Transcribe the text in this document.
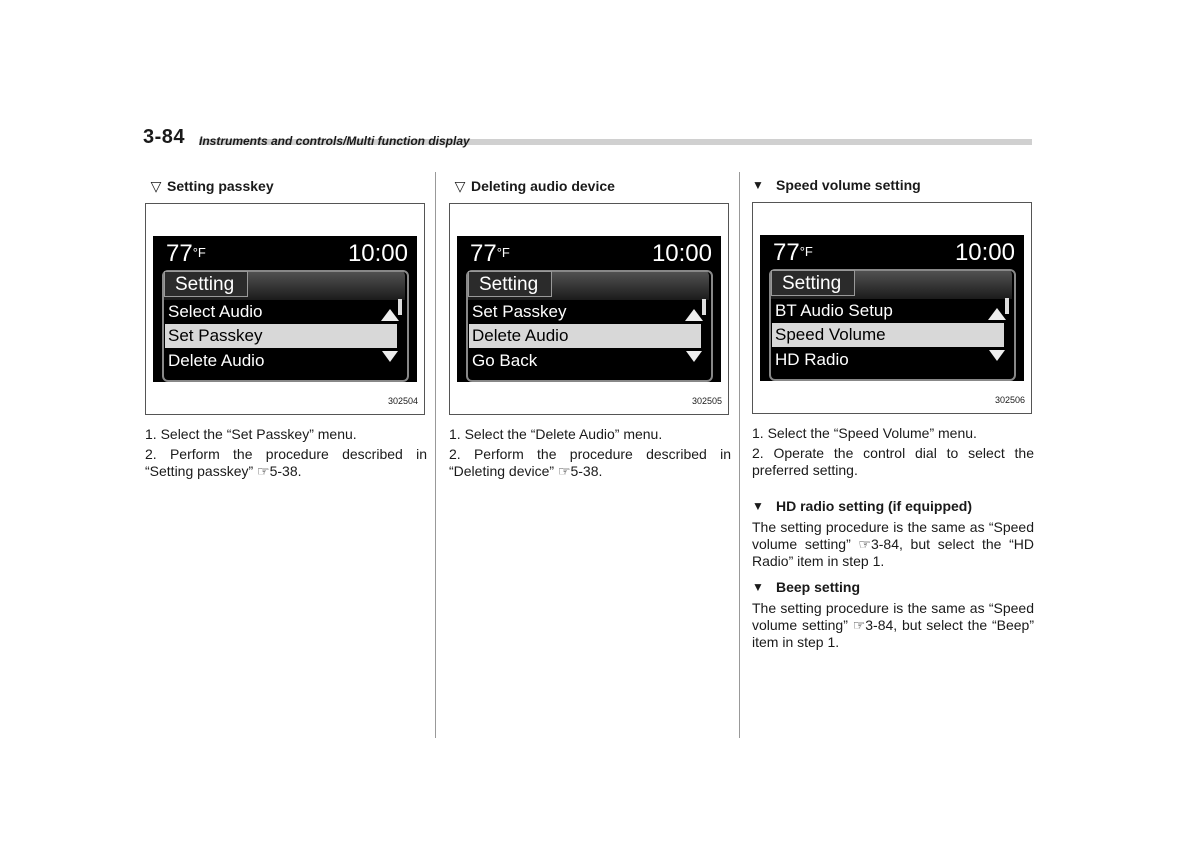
3-84 Instruments and controls/Multi function display
▽ Setting passkey
77°F	10:00
Setting
Select Audio
Set Passkey
Delete Audio
302504
1. Select the “Set Passkey” menu.
2. Perform the procedure described in “Setting passkey” ☞5-38.
▽ Deleting audio device
77°F	10:00
Setting
Set Passkey
Delete Audio
Go Back
302505
1. Select the “Delete Audio” menu.
2. Perform the procedure described in “Deleting device” ☞5-38.
▼ Speed volume setting
77°F	10:00
Setting
BT Audio Setup
Speed Volume
HD Radio
302506
1. Select the “Speed Volume” menu.
2. Operate the control dial to select the preferred setting.
▼ HD radio setting (if equipped)
The setting procedure is the same as “Speed volume setting” ☞3-84, but select the “HD Radio” item in step 1.
▼ Beep setting
The setting procedure is the same as “Speed volume setting” ☞3-84, but select the “Beep” item in step 1.
